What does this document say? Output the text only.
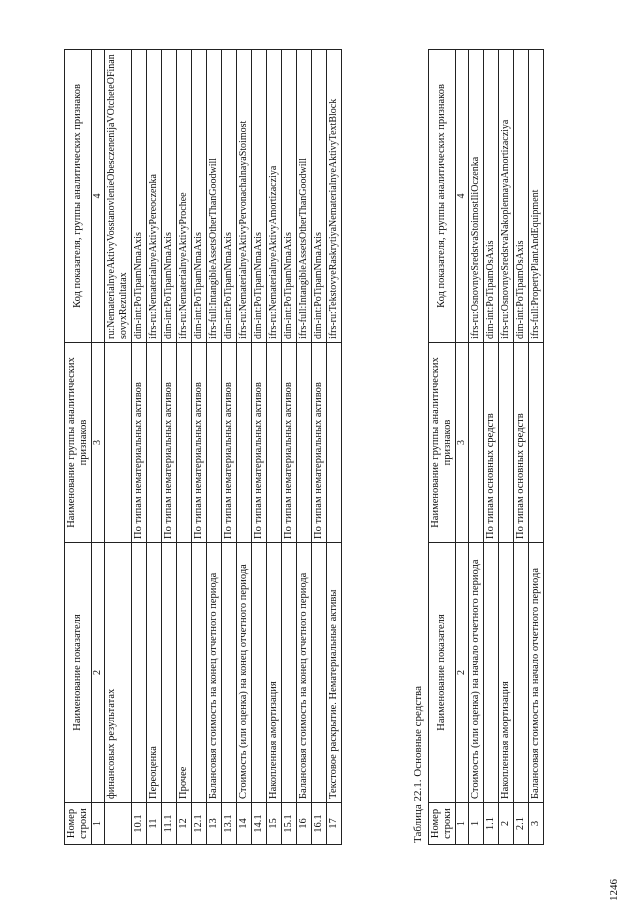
1246
Номер строки	Наименование показателя	Наименование группы аналитических признаков	Код показателя, группы аналитических признаков
1	2	3	4
	финансовых результатах		ru:NematerialnyeAktivyVosstanovlenieObesczenenijaVOtcheteOFinansovyxRezultatax
10.1		По типам нематериальных активов	dim-int:PoTipamNmaAxis
11	Переоценка		ifrs-ru:NematerialnyeAktivyPereoczenka
11.1		По типам нематериальных активов	dim-int:PoTipamNmaAxis
12	Прочее		ifrs-ru:NematerialnyeAktivyProchee
12.1		По типам нематериальных активов	dim-int:PoTipamNmaAxis
13	Балансовая стоимость на конец отчетного периода		ifrs-full:IntangibleAssetsOtherThanGoodwill
13.1		По типам нематериальных активов	dim-int:PoTipamNmaAxis
14	Стоимость (или оценка) на конец отчетного периода		ifrs-ru:NematerialnyeAktivyPervonachalnayaStoimost
14.1		По типам нематериальных активов	dim-int:PoTipamNmaAxis
15	Накопленная амортизация		ifrs-ru:NematerialnyeAktivyAmortizacziya
15.1		По типам нематериальных активов	dim-int:PoTipamNmaAxis
16	Балансовая стоимость на конец отчетного периода		ifrs-full:IntangibleAssetsOtherThanGoodwill
16.1		По типам нематериальных активов	dim-int:PoTipamNmaAxis
17	Текстовое раскрытие. Нематериальные активы		ifrs-ru:TekstovyeRaskrytiyaNematerialnyeAktivyTextBlock
Таблица 22.1. Основные средства Номер строки	Наименование показателя	Наименование группы аналитических признаков	Код показателя, группы аналитических признаков
1	2	3	4
1	Стоимость (или оценка) на начало отчетного периода		ifrs-ru:OsnovnyeSredstvaStoimostIliOczenka
1.1		По типам основных средств	dim-int:PoTipamOsAxis
2	Накопленная амортизация		ifrs-ru:OsnovnyeSredstvaNakoplennayaAmortizacziya
2.1		По типам основных средств	dim-int:PoTipamOsAxis
3	Балансовая стоимость на начало отчетного периода		ifrs-full:PropertyPlantAndEquipment
